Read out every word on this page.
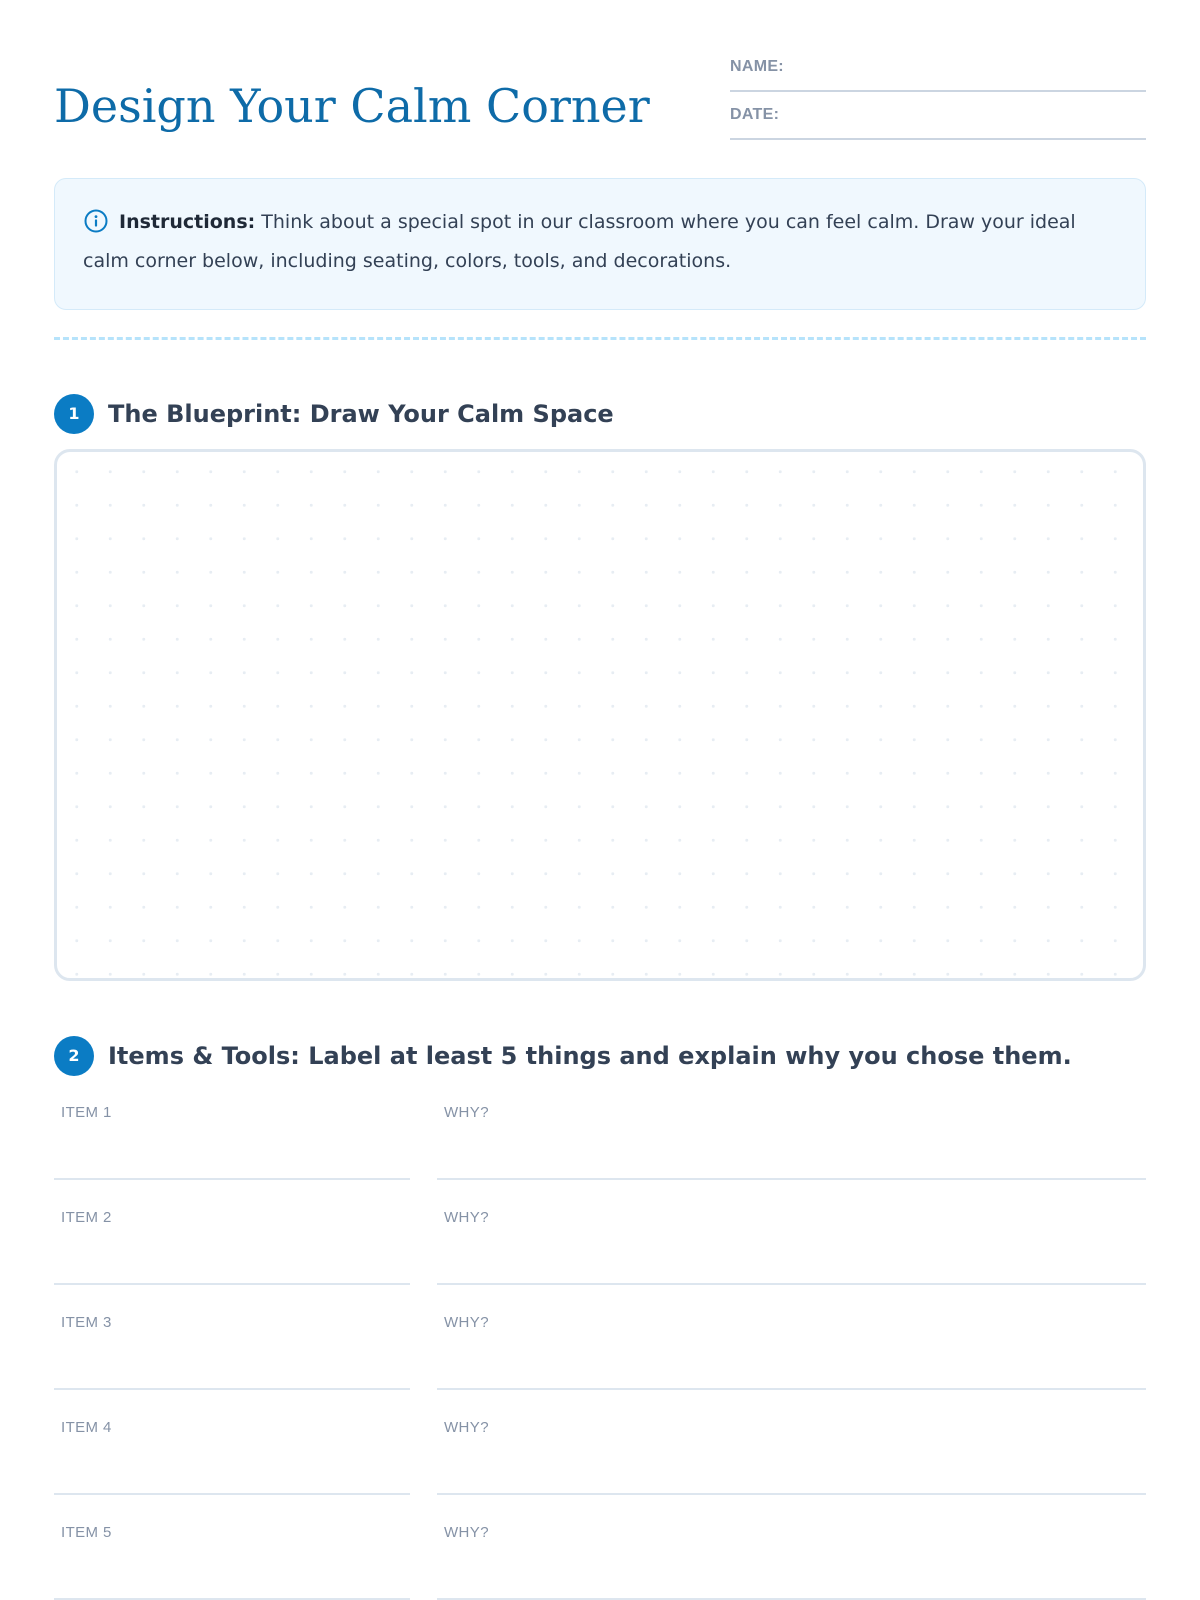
Design Your Calm Corner
NAME:
DATE:

Instructions: Think about a special spot in our classroom where you can feel calm. Draw your ideal calm corner below, including seating, colors, tools, and decorations.

1	The Blueprint: Draw Your Calm Space
2	Items & Tools: Label at least 5 things and explain why you chose them.
ITEM 1	WHY?
ITEM 2	WHY?
ITEM 3	WHY?
ITEM 4	WHY?
ITEM 5	WHY?
